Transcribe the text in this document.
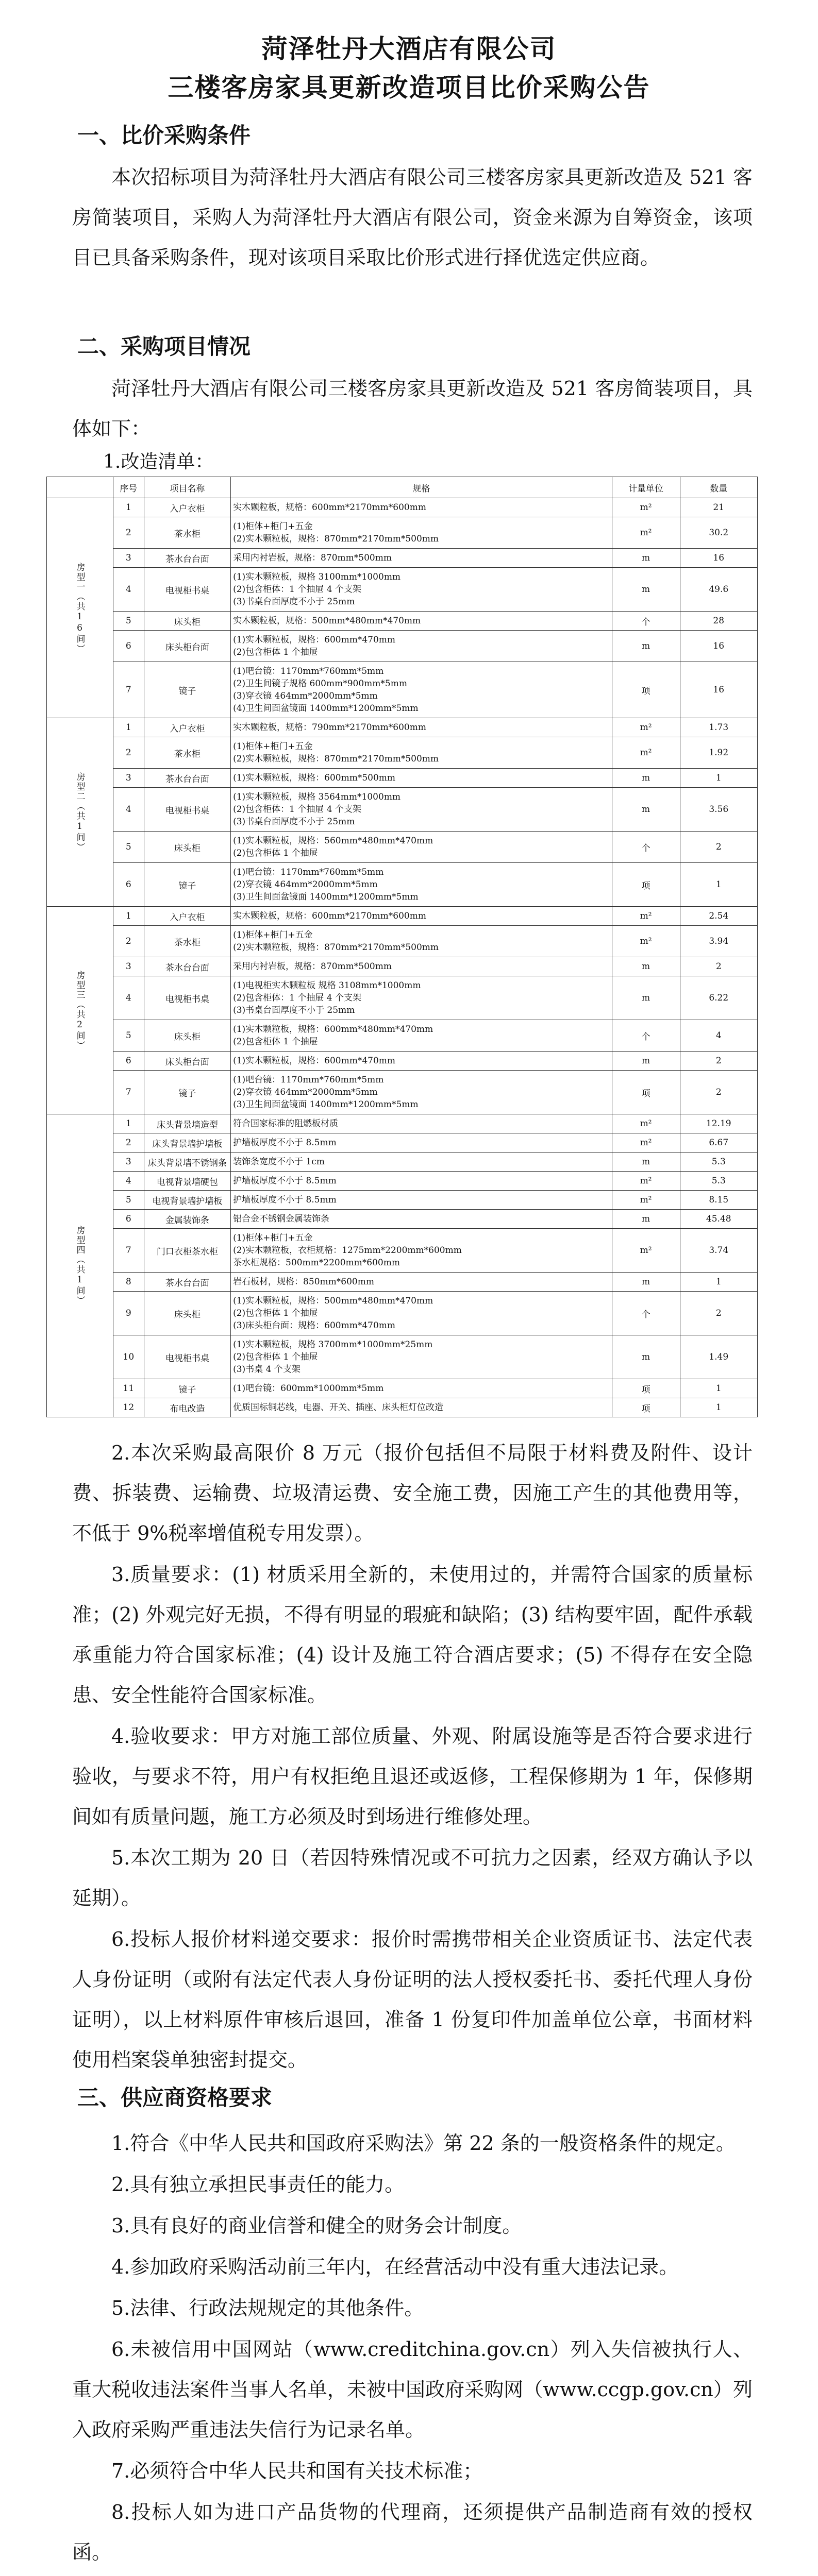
菏泽牡丹大酒店有限公司
三楼客房家具更新改造项目比价采购公告
一、比价采购条件
本次招标项目为菏泽牡丹大酒店有限公司三楼客房家具更新改造及 521 客房简装项目，采购人为菏泽牡丹大酒店有限公司，资金来源为自筹资金，该项目已具备采购条件，现对该项目采取比价形式进行择优选定供应商。
二、采购项目情况
菏泽牡丹大酒店有限公司三楼客房家具更新改造及 521 客房简装项目，具体如下：
1.改造清单：
	序号	项目名称	规格	计量单位	数量

房型一（共16间）	1	入户衣柜	实木颗粒板，规格：600mm*2170mm*600mm	m²	21
	2	茶水柜	(1)柜体+柜门+五金
(2)实木颗粒板，规格：870mm*2170mm*500mm	m²	30.2
	3	茶水台台面	采用内衬岩板，规格：870mm*500mm	m	16
	4	电视柜书桌	(1)实木颗粒板，规格 3100mm*1000mm
(2)包含柜体：1 个抽屉 4 个支架
(3)书桌台面厚度不小于 25mm	m	49.6
	5	床头柜	实木颗粒板，规格：500mm*480mm*470mm	个	28
	6	床头柜台面	(1)实木颗粒板，规格：600mm*470mm
(2)包含柜体 1 个抽屉	m	16
	7	镜子	(1)吧台镜：1170mm*760mm*5mm
(2)卫生间镜子规格 600mm*900mm*5mm
(3)穿衣镜 464mm*2000mm*5mm
(4)卫生间面盆镜面 1400mm*1200mm*5mm	项	16

房型二（共1间）	1	入户衣柜	实木颗粒板，规格：790mm*2170mm*600mm	m²	1.73
	2	茶水柜	(1)柜体+柜门+五金
(2)实木颗粒板，规格：870mm*2170mm*500mm	m²	1.92
	3	茶水台台面	(1)实木颗粒板，规格：600mm*500mm	m	1
	4	电视柜书桌	(1)实木颗粒板，规格 3564mm*1000mm
(2)包含柜体：1 个抽屉 4 个支架
(3)书桌台面厚度不小于 25mm	m	3.56
	5	床头柜	(1)实木颗粒板，规格：560mm*480mm*470mm
(2)包含柜体 1 个抽屉	个	2
	6	镜子	(1)吧台镜：1170mm*760mm*5mm
(2)穿衣镜 464mm*2000mm*5mm
(3)卫生间面盆镜面 1400mm*1200mm*5mm	项	1

房型三（共2间）	1	入户衣柜	实木颗粒板，规格：600mm*2170mm*600mm	m²	2.54
	2	茶水柜	(1)柜体+柜门+五金
(2)实木颗粒板，规格：870mm*2170mm*500mm	m²	3.94
	3	茶水台台面	采用内衬岩板，规格：870mm*500mm	m	2
	4	电视柜书桌	(1)电视柜实木颗粒板 规格 3108mm*1000mm
(2)包含柜体：1 个抽屉 4 个支架
(3)书桌台面厚度不小于 25mm	m	6.22
	5	床头柜	(1)实木颗粒板，规格：600mm*480mm*470mm
(2)包含柜体 1 个抽屉	个	4
	6	床头柜台面	(1)实木颗粒板，规格：600mm*470mm	m	2
	7	镜子	(1)吧台镜：1170mm*760mm*5mm
(2)穿衣镜 464mm*2000mm*5mm
(3)卫生间面盆镜面 1400mm*1200mm*5mm	项	2

房型四（共1间）	1	床头背景墙造型	符合国家标准的阻燃板材质	m²	12.19
	2	床头背景墙护墙板	护墙板厚度不小于 8.5mm	m²	6.67
	3	床头背景墙不锈钢条	装饰条宽度不小于 1cm	m	5.3
	4	电视背景墙硬包	护墙板厚度不小于 8.5mm	m²	5.3
	5	电视背景墙护墙板	护墙板厚度不小于 8.5mm	m²	8.15
	6	金属装饰条	铝合金不锈钢金属装饰条	m	45.48
	7	门口衣柜茶水柜	(1)柜体+柜门+五金
(2)实木颗粒板，衣柜规格：1275mm*2200mm*600mm
茶水柜规格：500mm*2200mm*600mm	m²	3.74
	8	茶水台台面	岩石板材，规格：850mm*600mm	m	1
	9	床头柜	(1)实木颗粒板，规格：500mm*480mm*470mm
(2)包含柜体 1 个抽屉
(3)床头柜台面：规格：600mm*470mm	个	2
	10	电视柜书桌	(1)实木颗粒板，规格 3700mm*1000mm*25mm
(2)包含柜体 1 个抽屉
(3)书桌 4 个支架	m	1.49
	11	镜子	(1)吧台镜：600mm*1000mm*5mm	项	1
	12	布电改造	优质国标铜芯线，电器、开关、插座、床头柜灯位改造	项	1
2.本次采购最高限价 8 万元（报价包括但不局限于材料费及附件、设计费、拆装费、运输费、垃圾清运费、安全施工费，因施工产生的其他费用等，不低于 9%税率增值税专用发票）。
3.质量要求：(1) 材质采用全新的，未使用过的，并需符合国家的质量标准；(2) 外观完好无损，不得有明显的瑕疵和缺陷；(3) 结构要牢固，配件承载承重能力符合国家标准；(4) 设计及施工符合酒店要求；(5) 不得存在安全隐患、安全性能符合国家标准。
4.验收要求：甲方对施工部位质量、外观、附属设施等是否符合要求进行验收，与要求不符，用户有权拒绝且退还或返修，工程保修期为 1 年，保修期间如有质量问题，施工方必须及时到场进行维修处理。
5.本次工期为 20 日（若因特殊情况或不可抗力之因素，经双方确认予以延期）。
6.投标人报价材料递交要求：报价时需携带相关企业资质证书、法定代表人身份证明（或附有法定代表人身份证明的法人授权委托书、委托代理人身份证明），以上材料原件审核后退回，准备 1 份复印件加盖单位公章，书面材料使用档案袋单独密封提交。
三、供应商资格要求
1.符合《中华人民共和国政府采购法》第 22 条的一般资格条件的规定。
2.具有独立承担民事责任的能力。
3.具有良好的商业信誉和健全的财务会计制度。
4.参加政府采购活动前三年内，在经营活动中没有重大违法记录。
5.法律、行政法规规定的其他条件。
6.未被信用中国网站（www.creditchina.gov.cn）列入失信被执行人、重大税收违法案件当事人名单，未被中国政府采购网（www.ccgp.gov.cn）列入政府采购严重违法失信行为记录名单。
7.必须符合中华人民共和国有关技术标准；
8.投标人如为进口产品货物的代理商，还须提供产品制造商有效的授权函。
